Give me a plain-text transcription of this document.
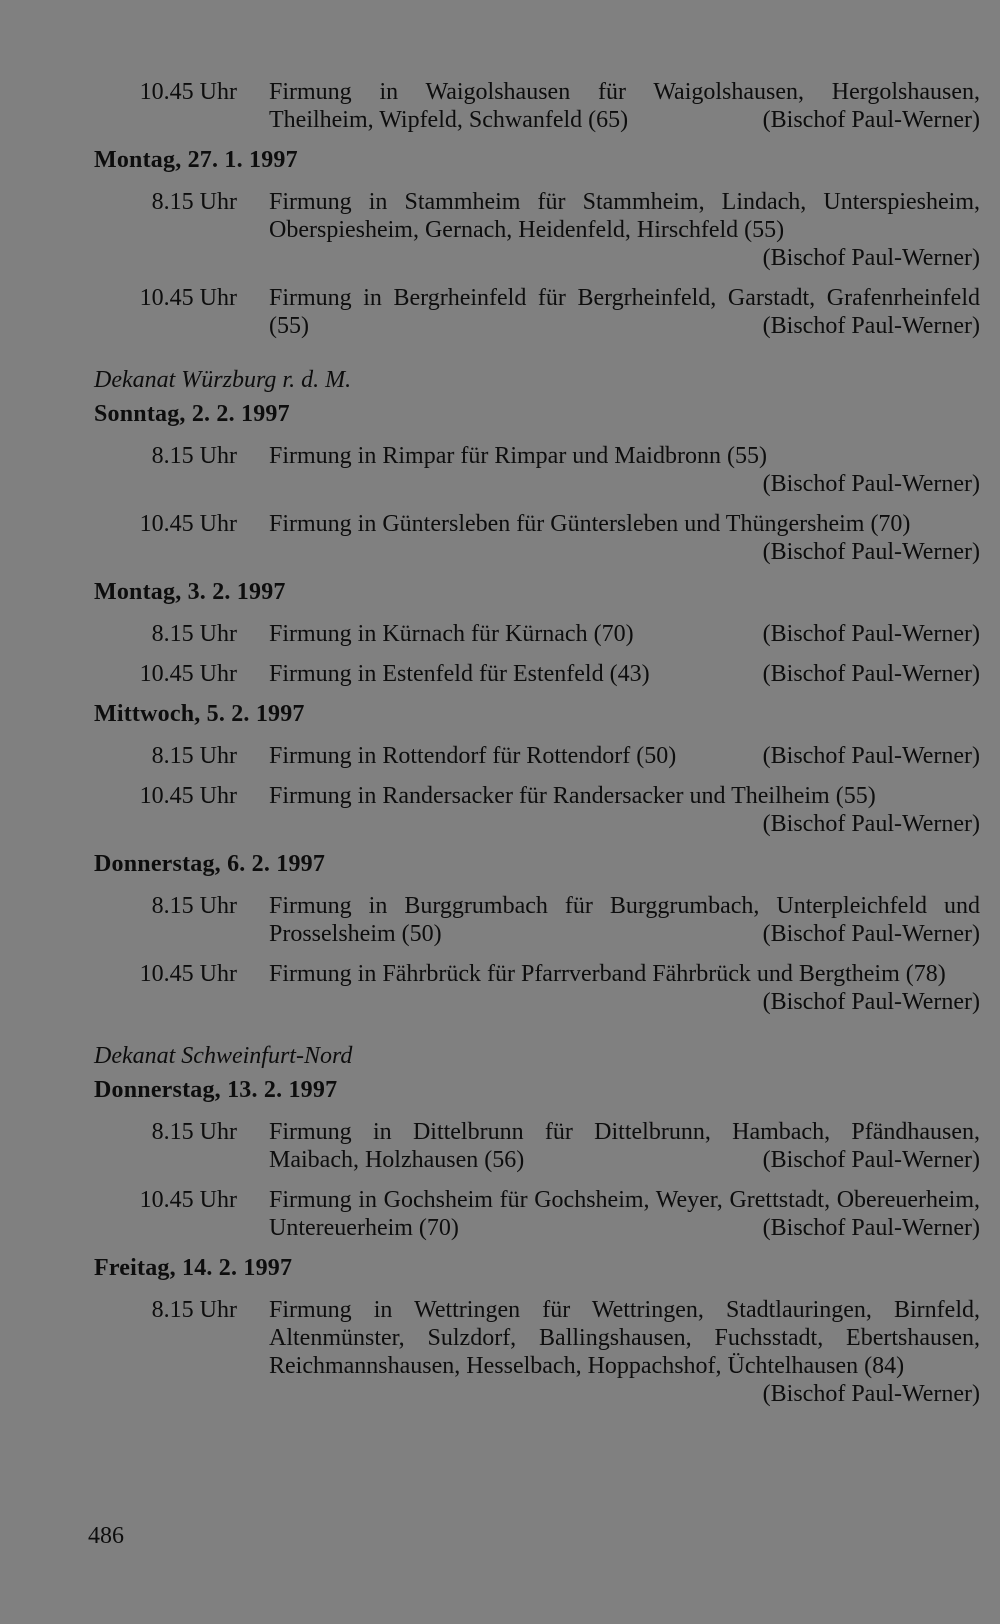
10.45 Uhr	Firmung in Waigolshausen für Waigolshausen, Hergolshausen, Theilheim, Wipfeld, Schwanfeld (65)	(Bischof Paul-Werner)
Montag, 27. 1. 1997
8.15 Uhr	Firmung in Stammheim für Stammheim, Lindach, Unterspiesheim, Oberspiesheim, Gernach, Heidenfeld, Hirschfeld (55)
(Bischof Paul-Werner)
10.45 Uhr	Firmung in Bergrheinfeld für Bergrheinfeld, Garstadt, Grafenrheinfeld (55)	(Bischof Paul-Werner)
Dekanat Würzburg r. d. M.
Sonntag, 2. 2. 1997
8.15 Uhr	Firmung in Rimpar für Rimpar und Maidbronn (55)
(Bischof Paul-Werner)
10.45 Uhr	Firmung in Güntersleben für Güntersleben und Thüngersheim (70)
(Bischof Paul-Werner)
Montag, 3. 2. 1997
8.15 Uhr	Firmung in Kürnach für Kürnach (70)	(Bischof Paul-Werner)
10.45 Uhr	Firmung in Estenfeld für Estenfeld (43)	(Bischof Paul-Werner)
Mittwoch, 5. 2. 1997
8.15 Uhr	Firmung in Rottendorf für Rottendorf (50)	(Bischof Paul-Werner)
10.45 Uhr	Firmung in Randersacker für Randersacker und Theilheim (55)
(Bischof Paul-Werner)
Donnerstag, 6. 2. 1997
8.15 Uhr	Firmung in Burggrumbach für Burggrumbach, Unterpleichfeld und Prosselsheim (50)	(Bischof Paul-Werner)
10.45 Uhr	Firmung in Fährbrück für Pfarrverband Fährbrück und Bergtheim (78)
(Bischof Paul-Werner)
Dekanat Schweinfurt-Nord
Donnerstag, 13. 2. 1997
8.15 Uhr	Firmung in Dittelbrunn für Dittelbrunn, Hambach, Pfändhausen, Maibach, Holzhausen (56)	(Bischof Paul-Werner)
10.45 Uhr	Firmung in Gochsheim für Gochsheim, Weyer, Grettstadt, Obereuerheim, Untereuerheim (70)	(Bischof Paul-Werner)
Freitag, 14. 2. 1997
8.15 Uhr	Firmung in Wettringen für Wettringen, Stadtlauringen, Birnfeld, Altenmünster, Sulzdorf, Ballingshausen, Fuchsstadt, Ebertshausen, Reichmannshausen, Hesselbach, Hoppachshof, Üchtelhausen (84)
(Bischof Paul-Werner)
486
